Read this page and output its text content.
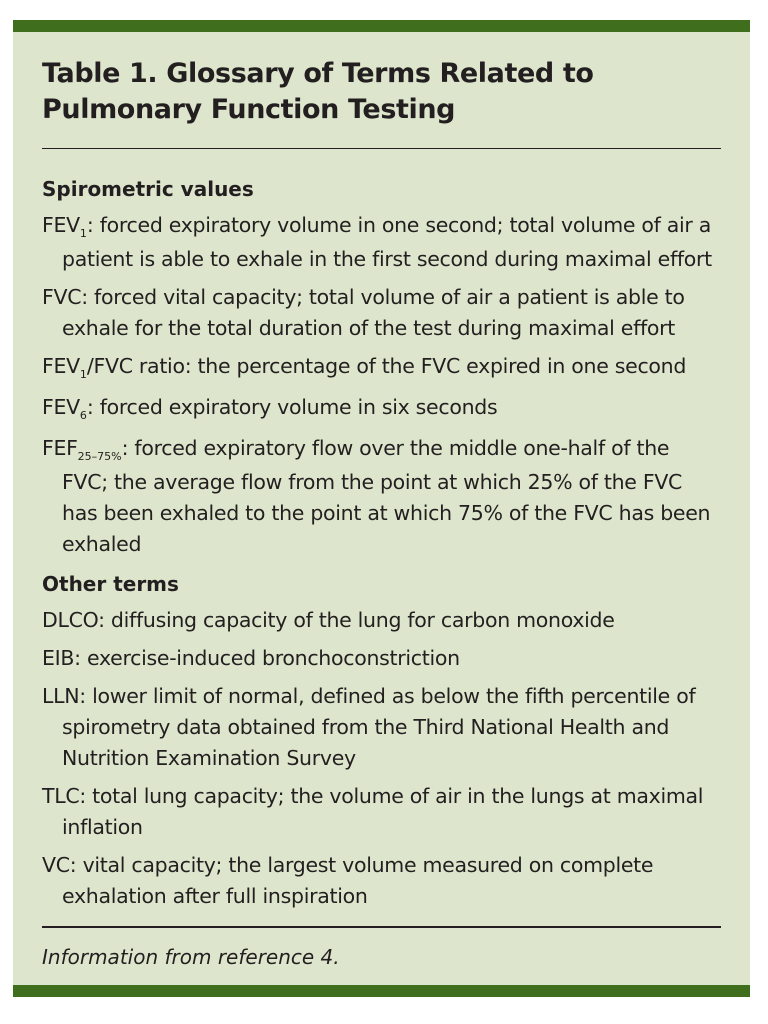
Table 1. Glossary of Terms Related to Pulmonary Function Testing
Spirometric values
$FEV_1$: forced expiratory volume in one second; total volume of air a patient is able to exhale in the first second during maximal effort
FVC: forced vital capacity; total volume of air a patient is able to exhale for the total duration of the test during maximal effort
$FEV_1$/FVC ratio: the percentage of the FVC expired in one second
$FEV_6$: forced expiratory volume in six seconds
$FEF_{25-75\%}$: forced expiratory flow over the middle one-half of the FVC; the average flow from the point at which 25% of the FVC has been exhaled to the point at which 75% of the FVC has been exhaled
Other terms
DLCO: diffusing capacity of the lung for carbon monoxide
EIB: exercise-induced bronchoconstriction
LLN: lower limit of normal, defined as below the fifth percentile of spirometry data obtained from the Third National Health and Nutrition Examination Survey
TLC: total lung capacity; the volume of air in the lungs at maximal inflation
VC: vital capacity; the largest volume measured on complete exhalation after full inspiration
Information from reference 4.
